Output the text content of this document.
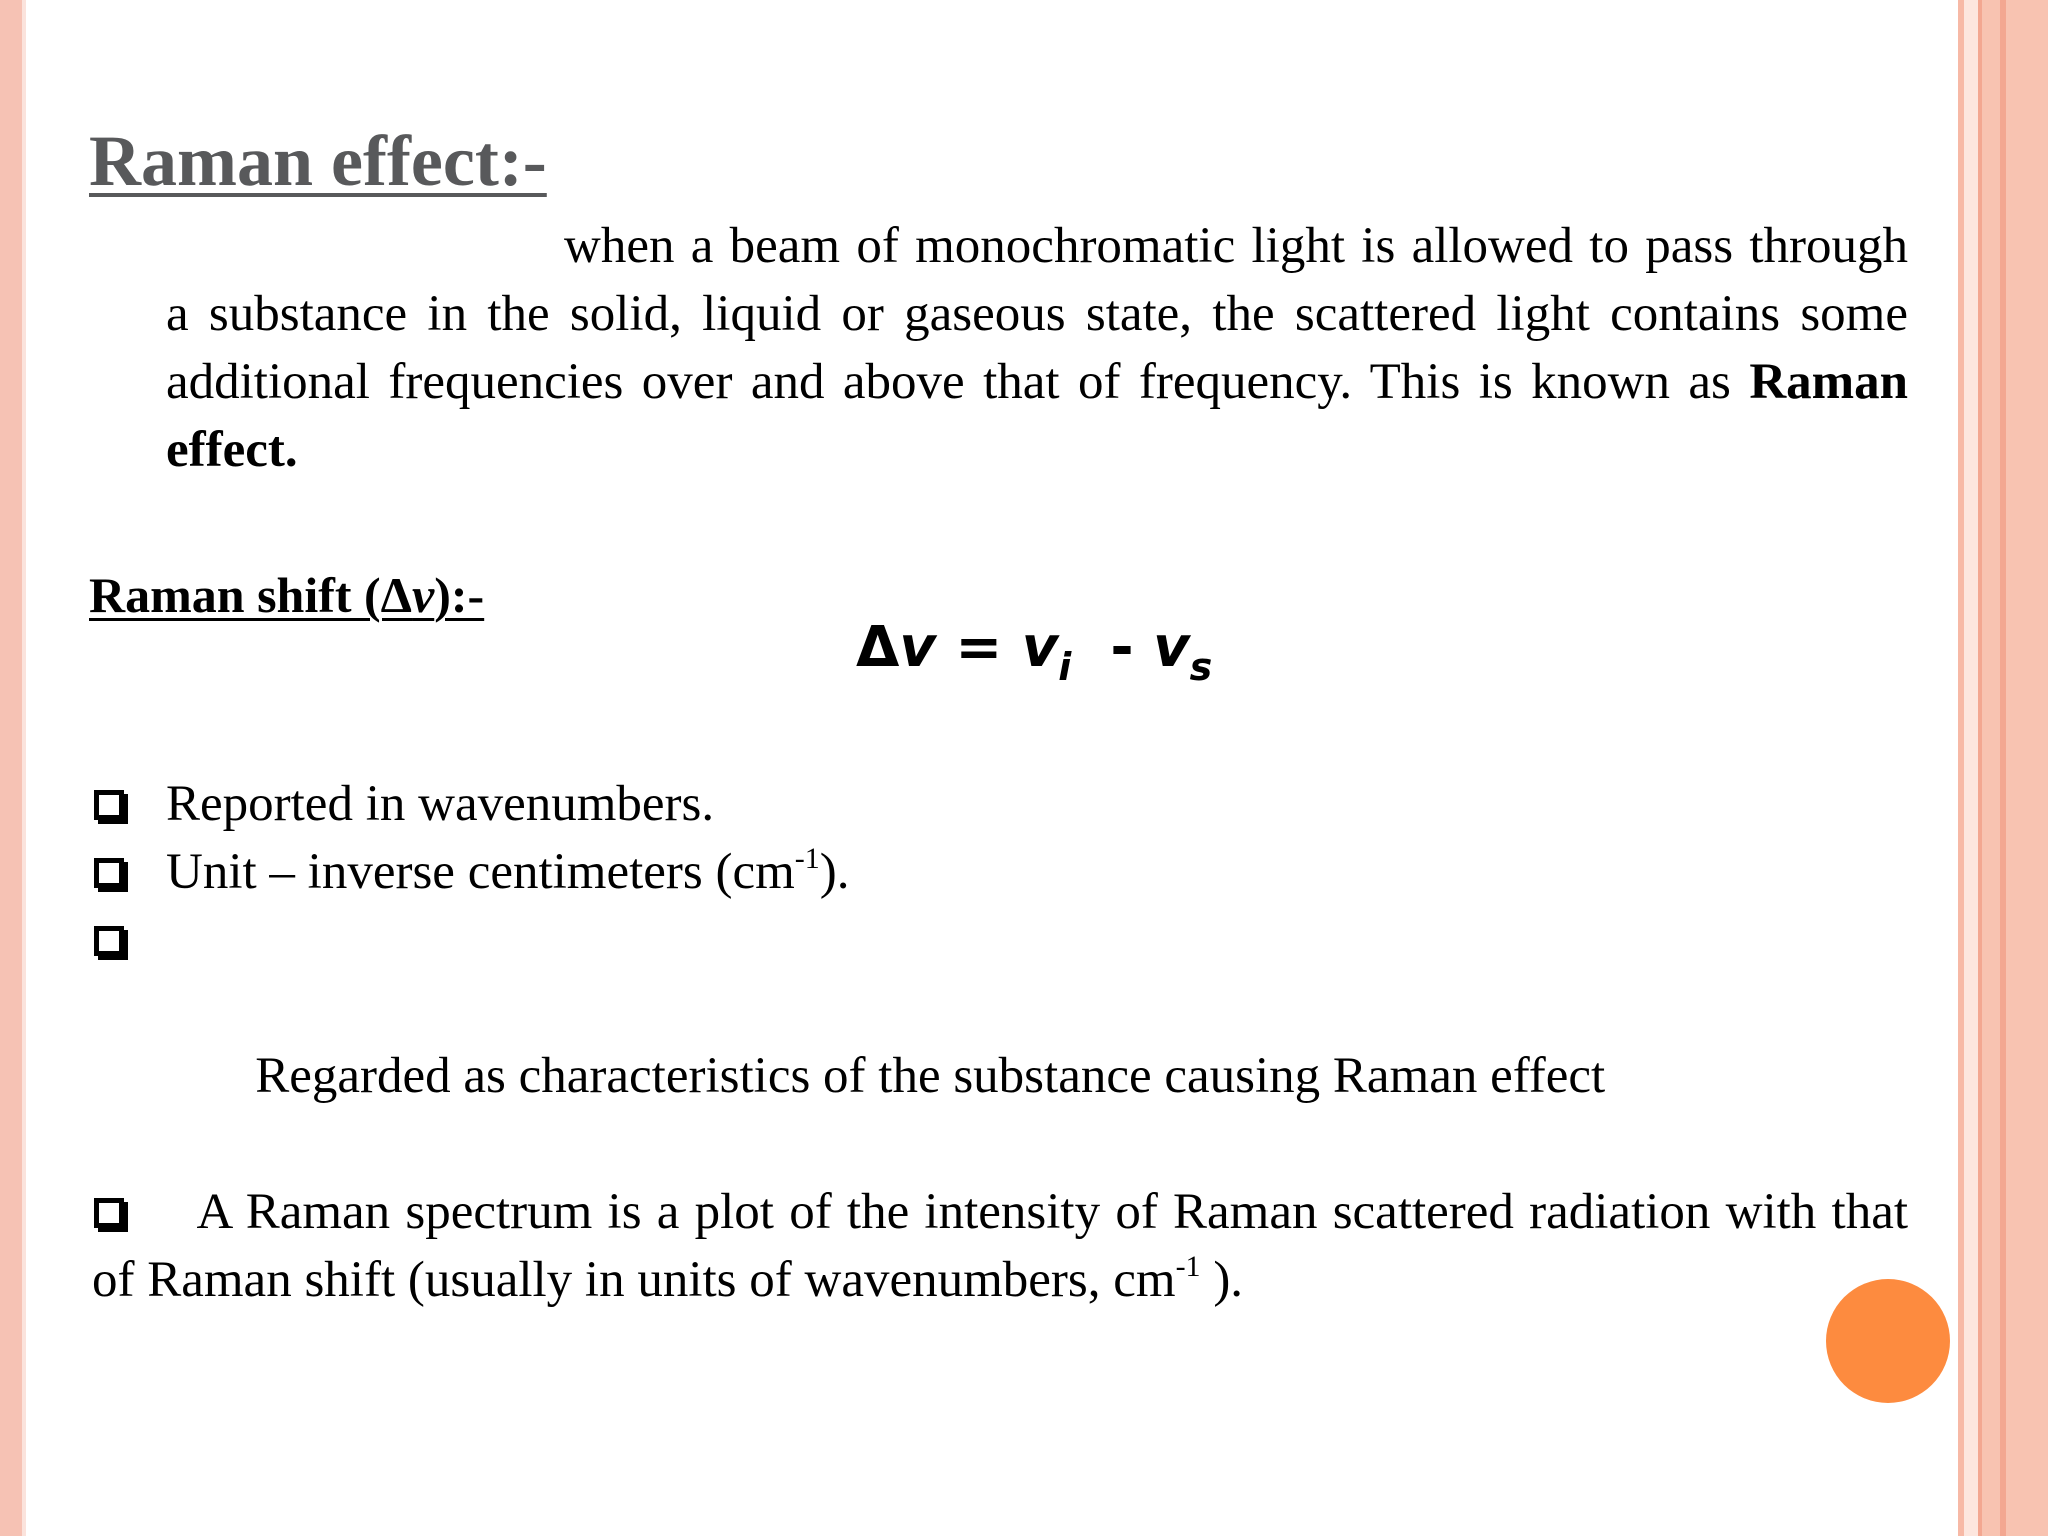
Raman effect:-

when a beam of monochromatic light is allowed to pass through a substance in the solid, liquid or gaseous state, the scattered light contains some additional frequencies over and above that of frequency. This is known as Raman effect.

Raman shift (Δv):-
$\Delta v = v_i - v_s$
Reported in wavenumbers.
Unit – inverse centimeters $(cm^{-1})$.

Regarded as characteristics of the substance causing Raman effect

A Raman spectrum is a plot of the intensity of Raman scattered radiation with that of Raman shift (usually in units of wavenumbers, $cm^{-1}$ ).
